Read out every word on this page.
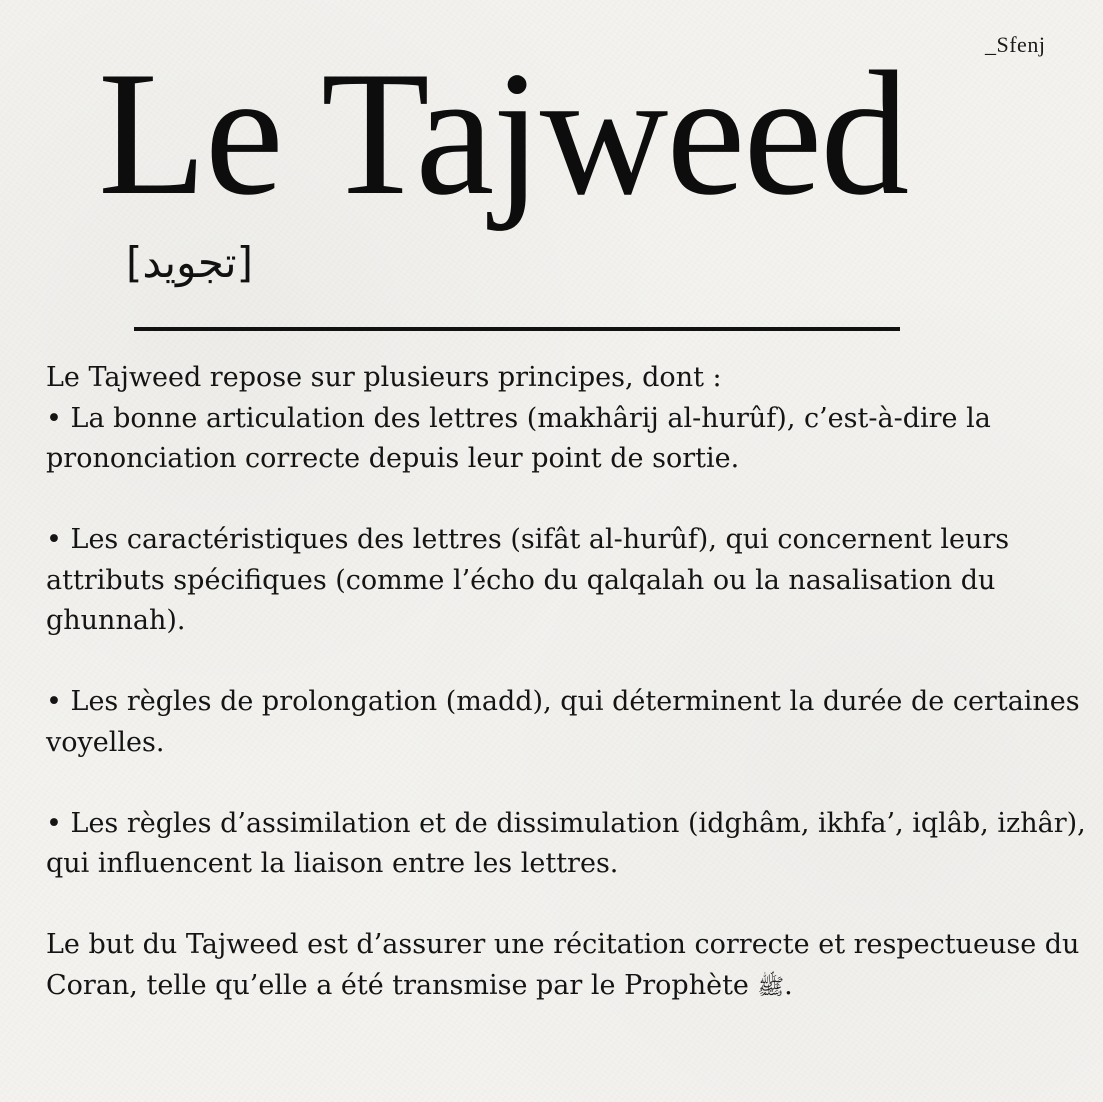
_Sfenj
Le Tajweed
[تجويد]

Le Tajweed repose sur plusieurs principes, dont :

• La bonne articulation des lettres (makhârij al-hurûf), c’est-à-dire la prononciation correcte depuis leur point de sortie.

• Les caractéristiques des lettres (sifât al-hurûf), qui concernent leurs attributs spécifiques (comme l’écho du qalqalah ou la nasalisation du ghunnah).

• Les règles de prolongation (madd), qui déterminent la durée de certaines voyelles.

• Les règles d’assimilation et de dissimulation (idghâm, ikhfa’, iqlâb, izhâr), qui influencent la liaison entre les lettres.

Le but du Tajweed est d’assurer une récitation correcte et respectueuse du Coran, telle qu’elle a été transmise par le Prophète ﷺ.
